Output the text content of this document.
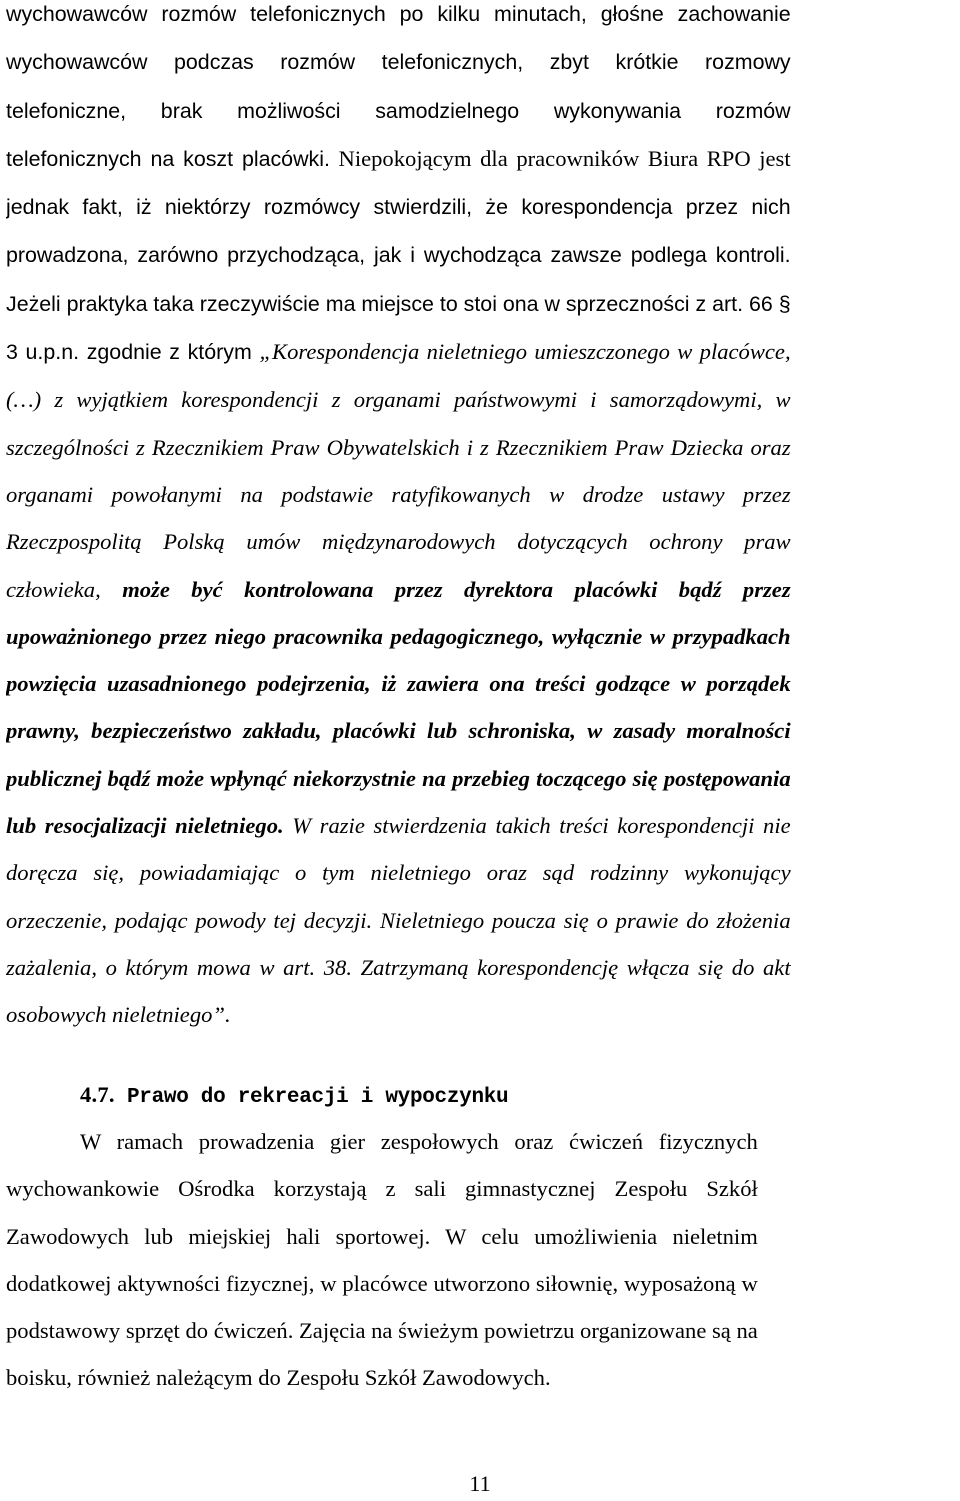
wychowawców rozmów telefonicznych po kilku minutach, głośne zachowanie
wychowawców podczas rozmów telefonicznych, zbyt krótkie rozmowy
telefoniczne, brak możliwości samodzielnego wykonywania rozmów
telefonicznych na koszt placówki. Niepokojącym dla pracowników Biura RPO jest
jednak fakt, iż niektórzy rozmówcy stwierdzili, że korespondencja przez nich
prowadzona, zarówno przychodząca, jak i wychodząca zawsze podlega kontroli.
Jeżeli praktyka taka rzeczywiście ma miejsce to stoi ona w sprzeczności z art. 66 §
3 u.p.n. zgodnie z którym „Korespondencja nieletniego umieszczonego w placówce,
(…) z wyjątkiem korespondencji z organami państwowymi i samorządowymi, w
szczególności z Rzecznikiem Praw Obywatelskich i z Rzecznikiem Praw Dziecka oraz
organami powołanymi na podstawie ratyfikowanych w drodze ustawy przez
Rzeczpospolitą Polską umów międzynarodowych dotyczących ochrony praw
człowieka, może być kontrolowana przez dyrektora placówki bądź przez
upoważnionego przez niego pracownika pedagogicznego, wyłącznie w przypadkach
powzięcia uzasadnionego podejrzenia, iż zawiera ona treści godzące w porządek
prawny, bezpieczeństwo zakładu, placówki lub schroniska, w zasady moralności
publicznej bądź może wpłynąć niekorzystnie na przebieg toczącego się postępowania
lub resocjalizacji nieletniego. W razie stwierdzenia takich treści korespondencji nie
doręcza się, powiadamiając o tym nieletniego oraz sąd rodzinny wykonujący
orzeczenie, podając powody tej decyzji. Nieletniego poucza się o prawie do złożenia
zażalenia, o którym mowa w art. 38. Zatrzymaną korespondencję włącza się do akt
osobowych nieletniego”.
4.7. Prawo do rekreacji i wypoczynku
W ramach prowadzenia gier zespołowych oraz ćwiczeń fizycznych
wychowankowie Ośrodka korzystają z sali gimnastycznej Zespołu Szkół
Zawodowych lub miejskiej hali sportowej. W celu umożliwienia nieletnim
dodatkowej aktywności fizycznej, w placówce utworzono siłownię, wyposażoną w
podstawowy sprzęt do ćwiczeń. Zajęcia na świeżym powietrzu organizowane są na
boisku, również należącym do Zespołu Szkół Zawodowych.
11
